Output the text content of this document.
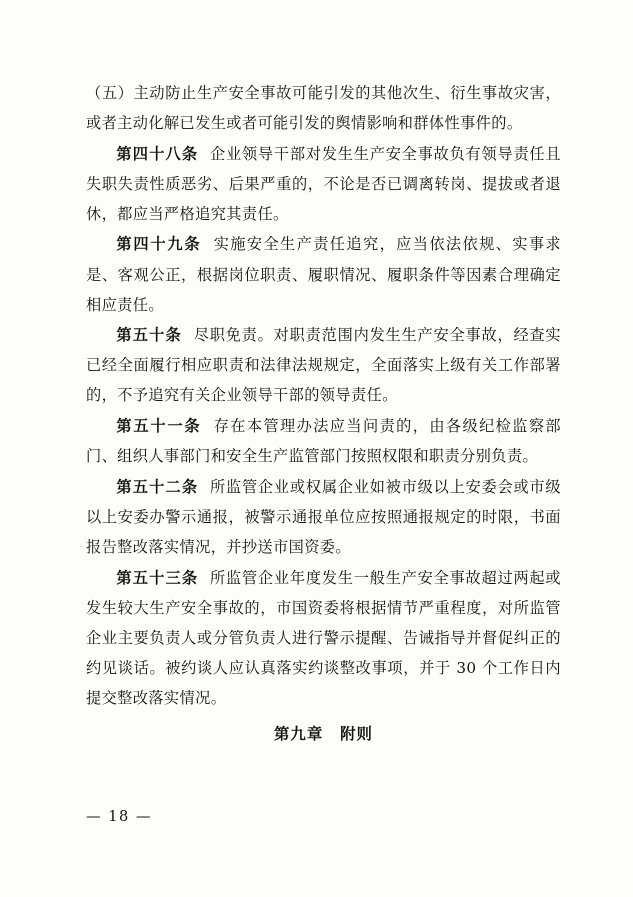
（五）主动防止生产安全事故可能引发的其他次生、衍生事故灾害，或者主动化解已发生或者可能引发的舆情影响和群体性事件的。

第四十八条 企业领导干部对发生生产安全事故负有领导责任且失职失责性质恶劣、后果严重的，不论是否已调离转岗、提拔或者退休，都应当严格追究其责任。

第四十九条 实施安全生产责任追究，应当依法依规、实事求是、客观公正，根据岗位职责、履职情况、履职条件等因素合理确定相应责任。

第五十条 尽职免责。对职责范围内发生生产安全事故，经查实已经全面履行相应职责和法律法规规定，全面落实上级有关工作部署的，不予追究有关企业领导干部的领导责任。

第五十一条 存在本管理办法应当问责的，由各级纪检监察部门、组织人事部门和安全生产监管部门按照权限和职责分别负责。

第五十二条 所监管企业或权属企业如被市级以上安委会或市级以上安委办警示通报，被警示通报单位应按照通报规定的时限，书面报告整改落实情况，并抄送市国资委。

第五十三条 所监管企业年度发生一般生产安全事故超过两起或发生较大生产安全事故的，市国资委将根据情节严重程度，对所监管企业主要负责人或分管负责人进行警示提醒、告诫指导并督促纠正的约见谈话。被约谈人应认真落实约谈整改事项，并于 30 个工作日内提交整改落实情况。

第九章 附则
— 18 —
